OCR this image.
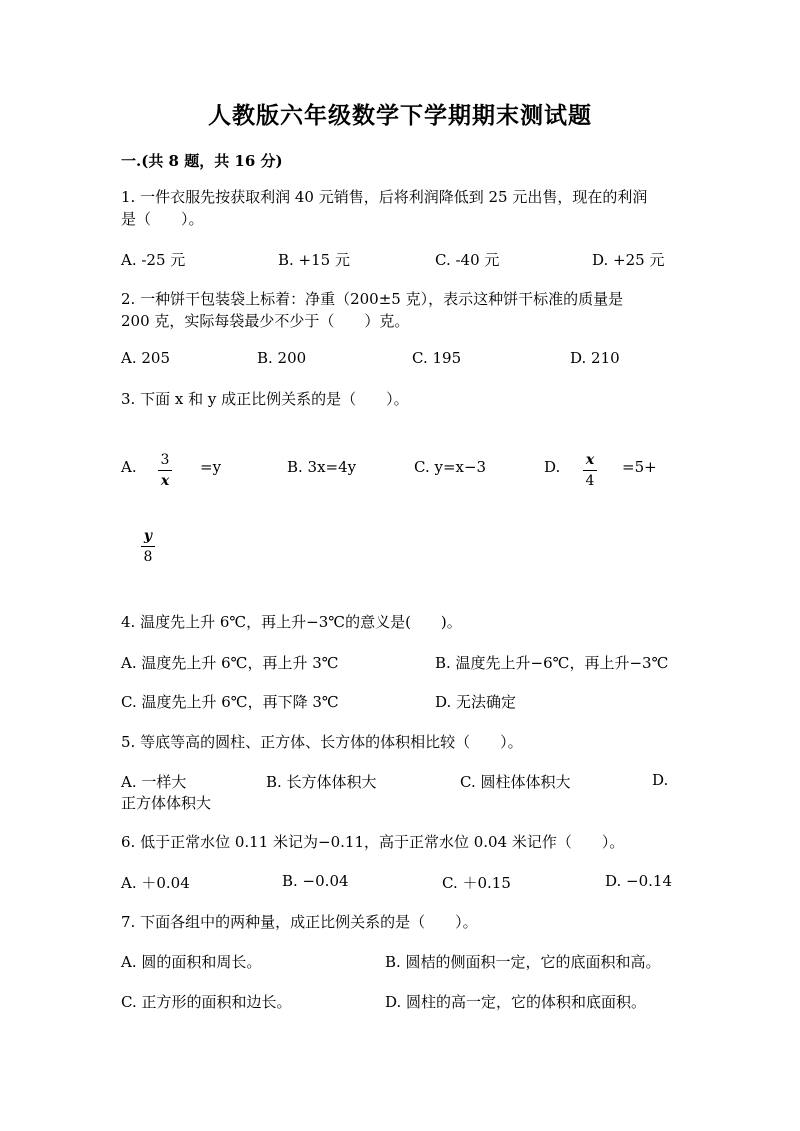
人教版六年级数学下学期期末测试题
一.(共 8 题，共 16 分)
1. 一件衣服先按获取利润 40 元销售，后将利润降低到 25 元出售，现在的利润
是（　　）。
A. -25 元	B. +15 元	C. -40 元	D. +25 元
2. 一种饼干包装袋上标着：净重（200±5 克），表示这种饼干标准的质量是
200 克，实际每袋最少不少于（　　）克。
A. 205	B. 200	C. 195	D. 210
3. 下面 x 和 y 成正比例关系的是（　　）。
A. 3
x
=y	B. 3x=4y	C. y=x−3	D. x
4
=5+
y
8
4. 温度先上升 6℃，再上升−3℃的意义是(　　)。
A. 温度先上升 6℃，再上升 3℃	B. 温度先上升−6℃，再上升−3℃
C. 温度先上升 6℃，再下降 3℃	D. 无法确定
5. 等底等高的圆柱、正方体、长方体的体积相比较（　　）。
A. 一样大	B. 长方体体积大	C. 圆柱体体积大	D.
正方体体积大
6. 低于正常水位 0.11 米记为−0.11，高于正常水位 0.04 米记作（　　）。
A. ＋0.04	B. −0.04	C. ＋0.15	D. −0.14
7. 下面各组中的两种量，成正比例关系的是（　　）。
A. 圆的面积和周长。	B. 圆桔的侧面积一定，它的底面积和高。
C. 正方形的面积和边长。	D. 圆柱的高一定，它的体积和底面积。
